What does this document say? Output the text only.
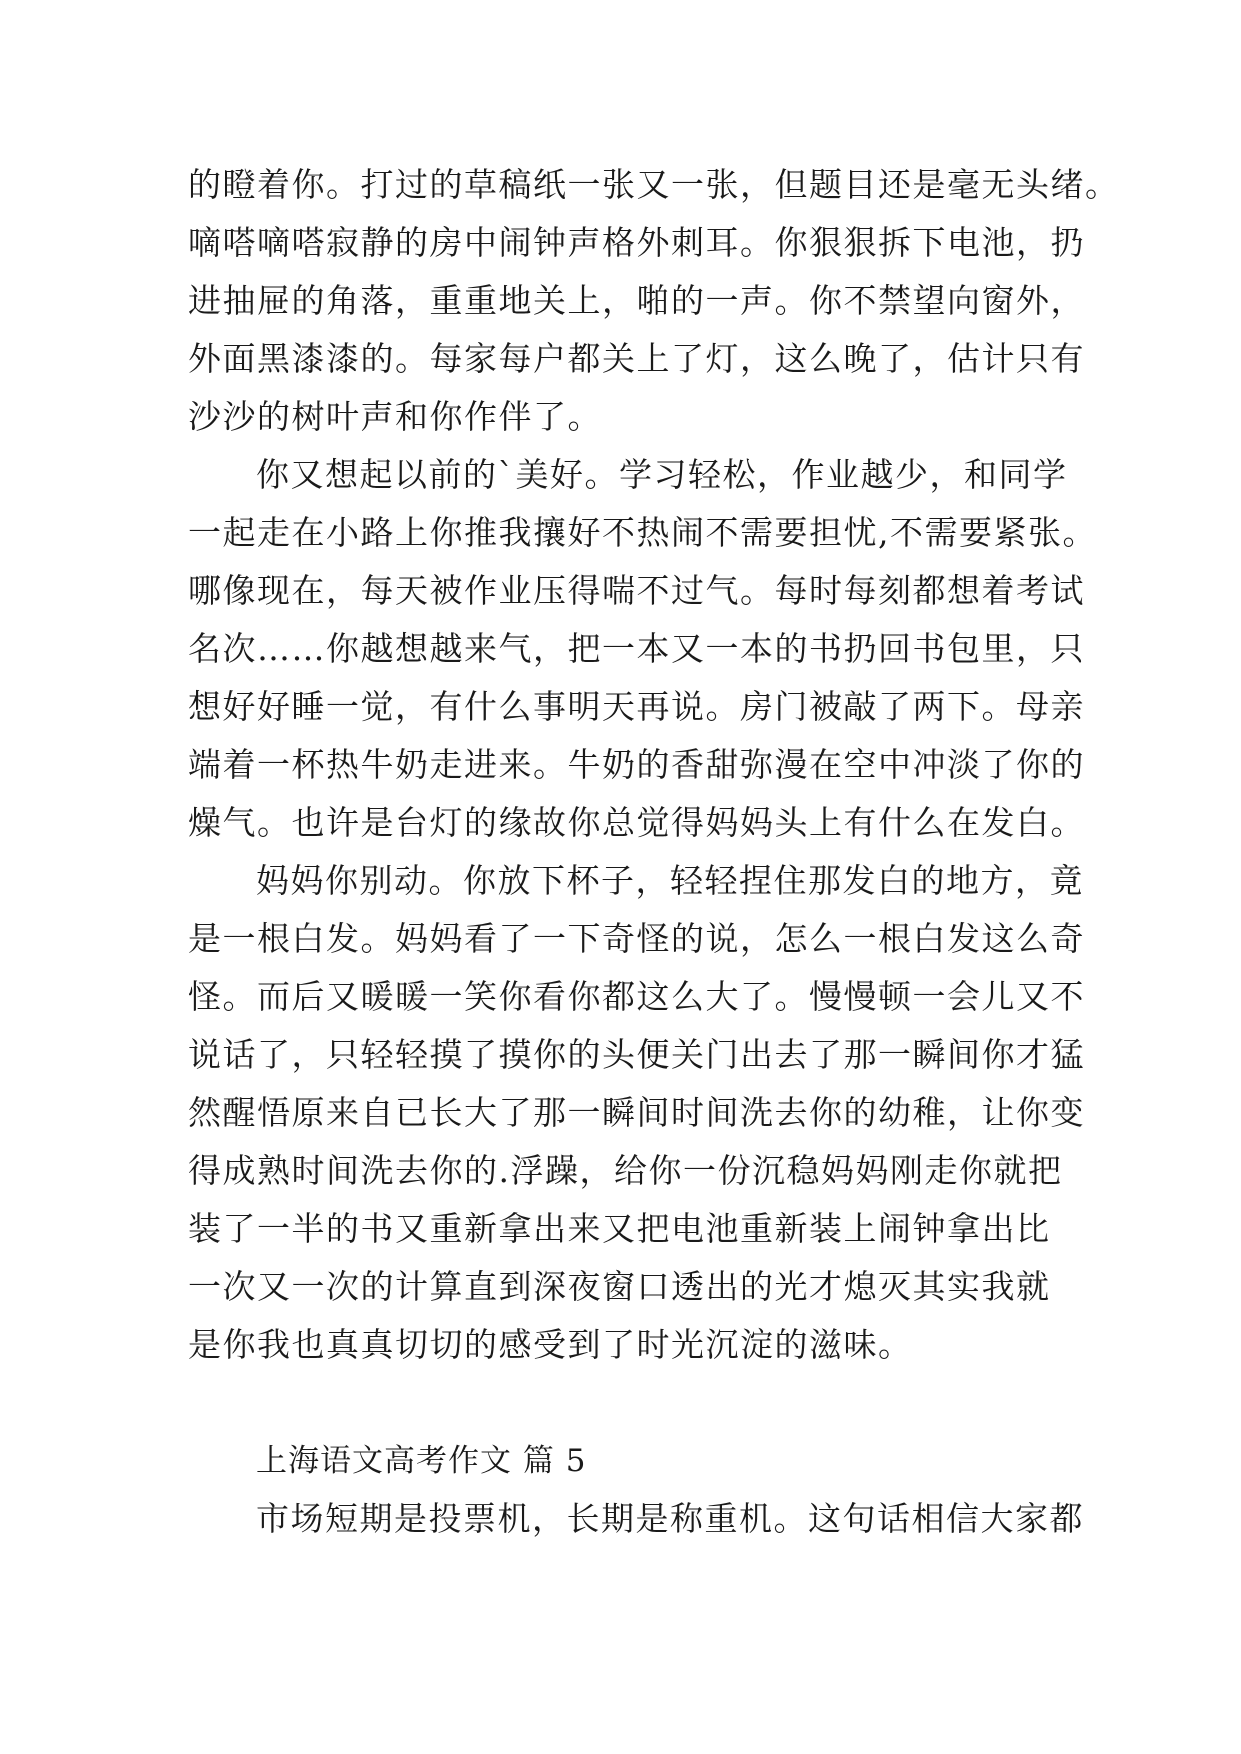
的瞪着你。打过的草稿纸一张又一张，但题目还是毫无头绪。
嘀嗒嘀嗒寂静的房中闹钟声格外刺耳。你狠狠拆下电池，扔
进抽屉的角落，重重地关上，啪的一声。你不禁望向窗外，
外面黑漆漆的。每家每户都关上了灯，这么晚了，估计只有
沙沙的树叶声和你作伴了。
你又想起以前的`美好。学习轻松，作业越少，和同学
一起走在小路上你推我攘好不热闹不需要担忧,不需要紧张。
哪像现在，每天被作业压得喘不过气。每时每刻都想着考试
名次……你越想越来气，把一本又一本的书扔回书包里，只
想好好睡一觉，有什么事明天再说。房门被敲了两下。母亲
端着一杯热牛奶走进来。牛奶的香甜弥漫在空中冲淡了你的
燥气。也许是台灯的缘故你总觉得妈妈头上有什么在发白。
妈妈你别动。你放下杯子，轻轻捏住那发白的地方，竟
是一根白发。妈妈看了一下奇怪的说，怎么一根白发这么奇
怪。而后又暖暖一笑你看你都这么大了。慢慢顿一会儿又不
说话了，只轻轻摸了摸你的头便关门出去了那一瞬间你才猛
然醒悟原来自已长大了那一瞬间时间洗去你的幼稚，让你变
得成熟时间洗去你的.浮躁，给你一份沉稳妈妈刚走你就把
装了一半的书又重新拿出来又把电池重新装上闹钟拿出比
一次又一次的计算直到深夜窗口透出的光才熄灭其实我就
是你我也真真切切的感受到了时光沉淀的滋味。
上海语文高考作文 篇 5
市场短期是投票机，长期是称重机。这句话相信大家都
